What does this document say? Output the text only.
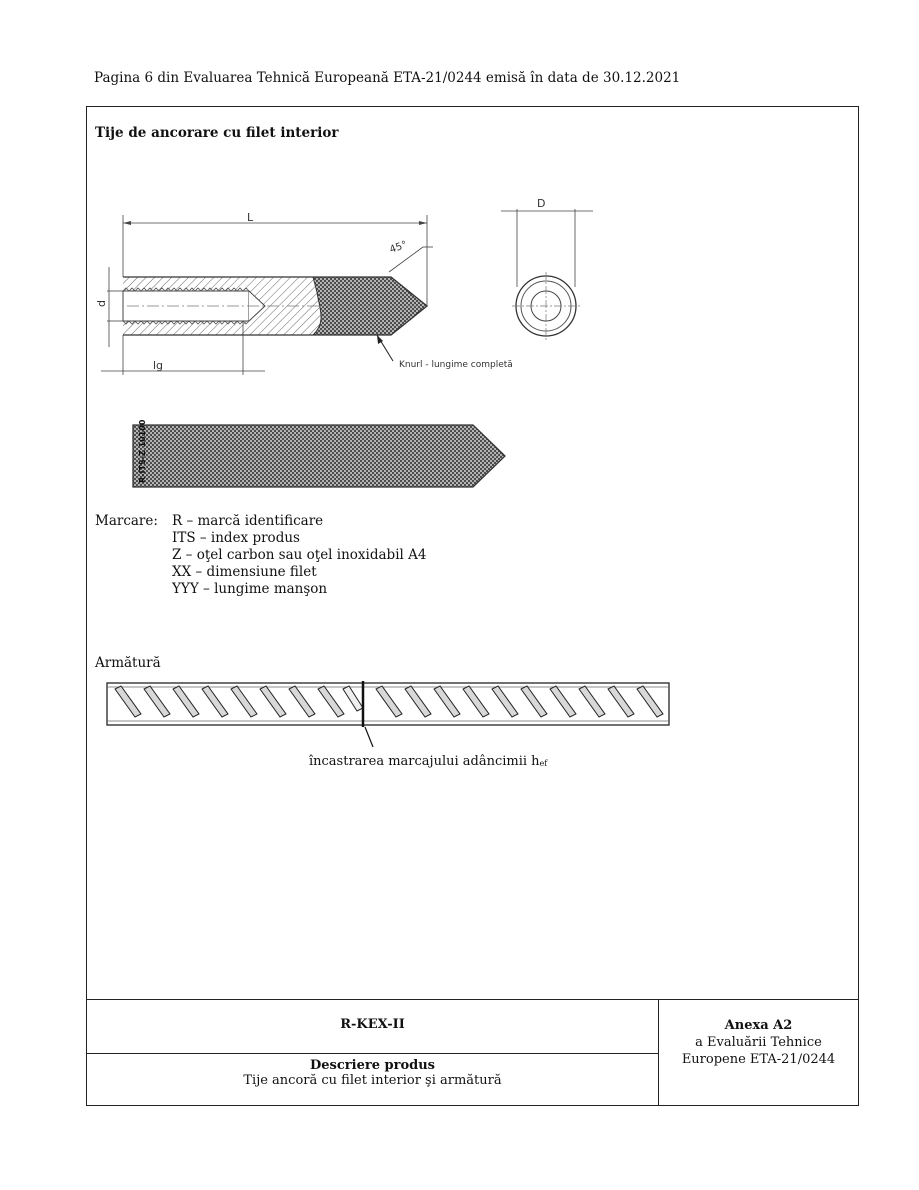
Pagina 6 din Evaluarea Tehnică Europeană ETA-21/0244 emisă în data de 30.12.2021
Tije de ancorare cu filet interior
L
d
lg
45°
Knurl - lungime completă
D
R-ITS-Z 10100
Marcare:	R – marcă identificare
ITS – index produs
Z – oţel carbon sau oţel inoxidabil A4
XX – dimensiune filet
YYY – lungime manşon
Armătură
încastrarea marcajului adâncimii $h_{ef}$
R-KEX-II
Descriere produs
Tije ancoră cu filet interior şi armătură
Anexa A2
a Evaluării Tehnice
Europene ETA-21/0244
